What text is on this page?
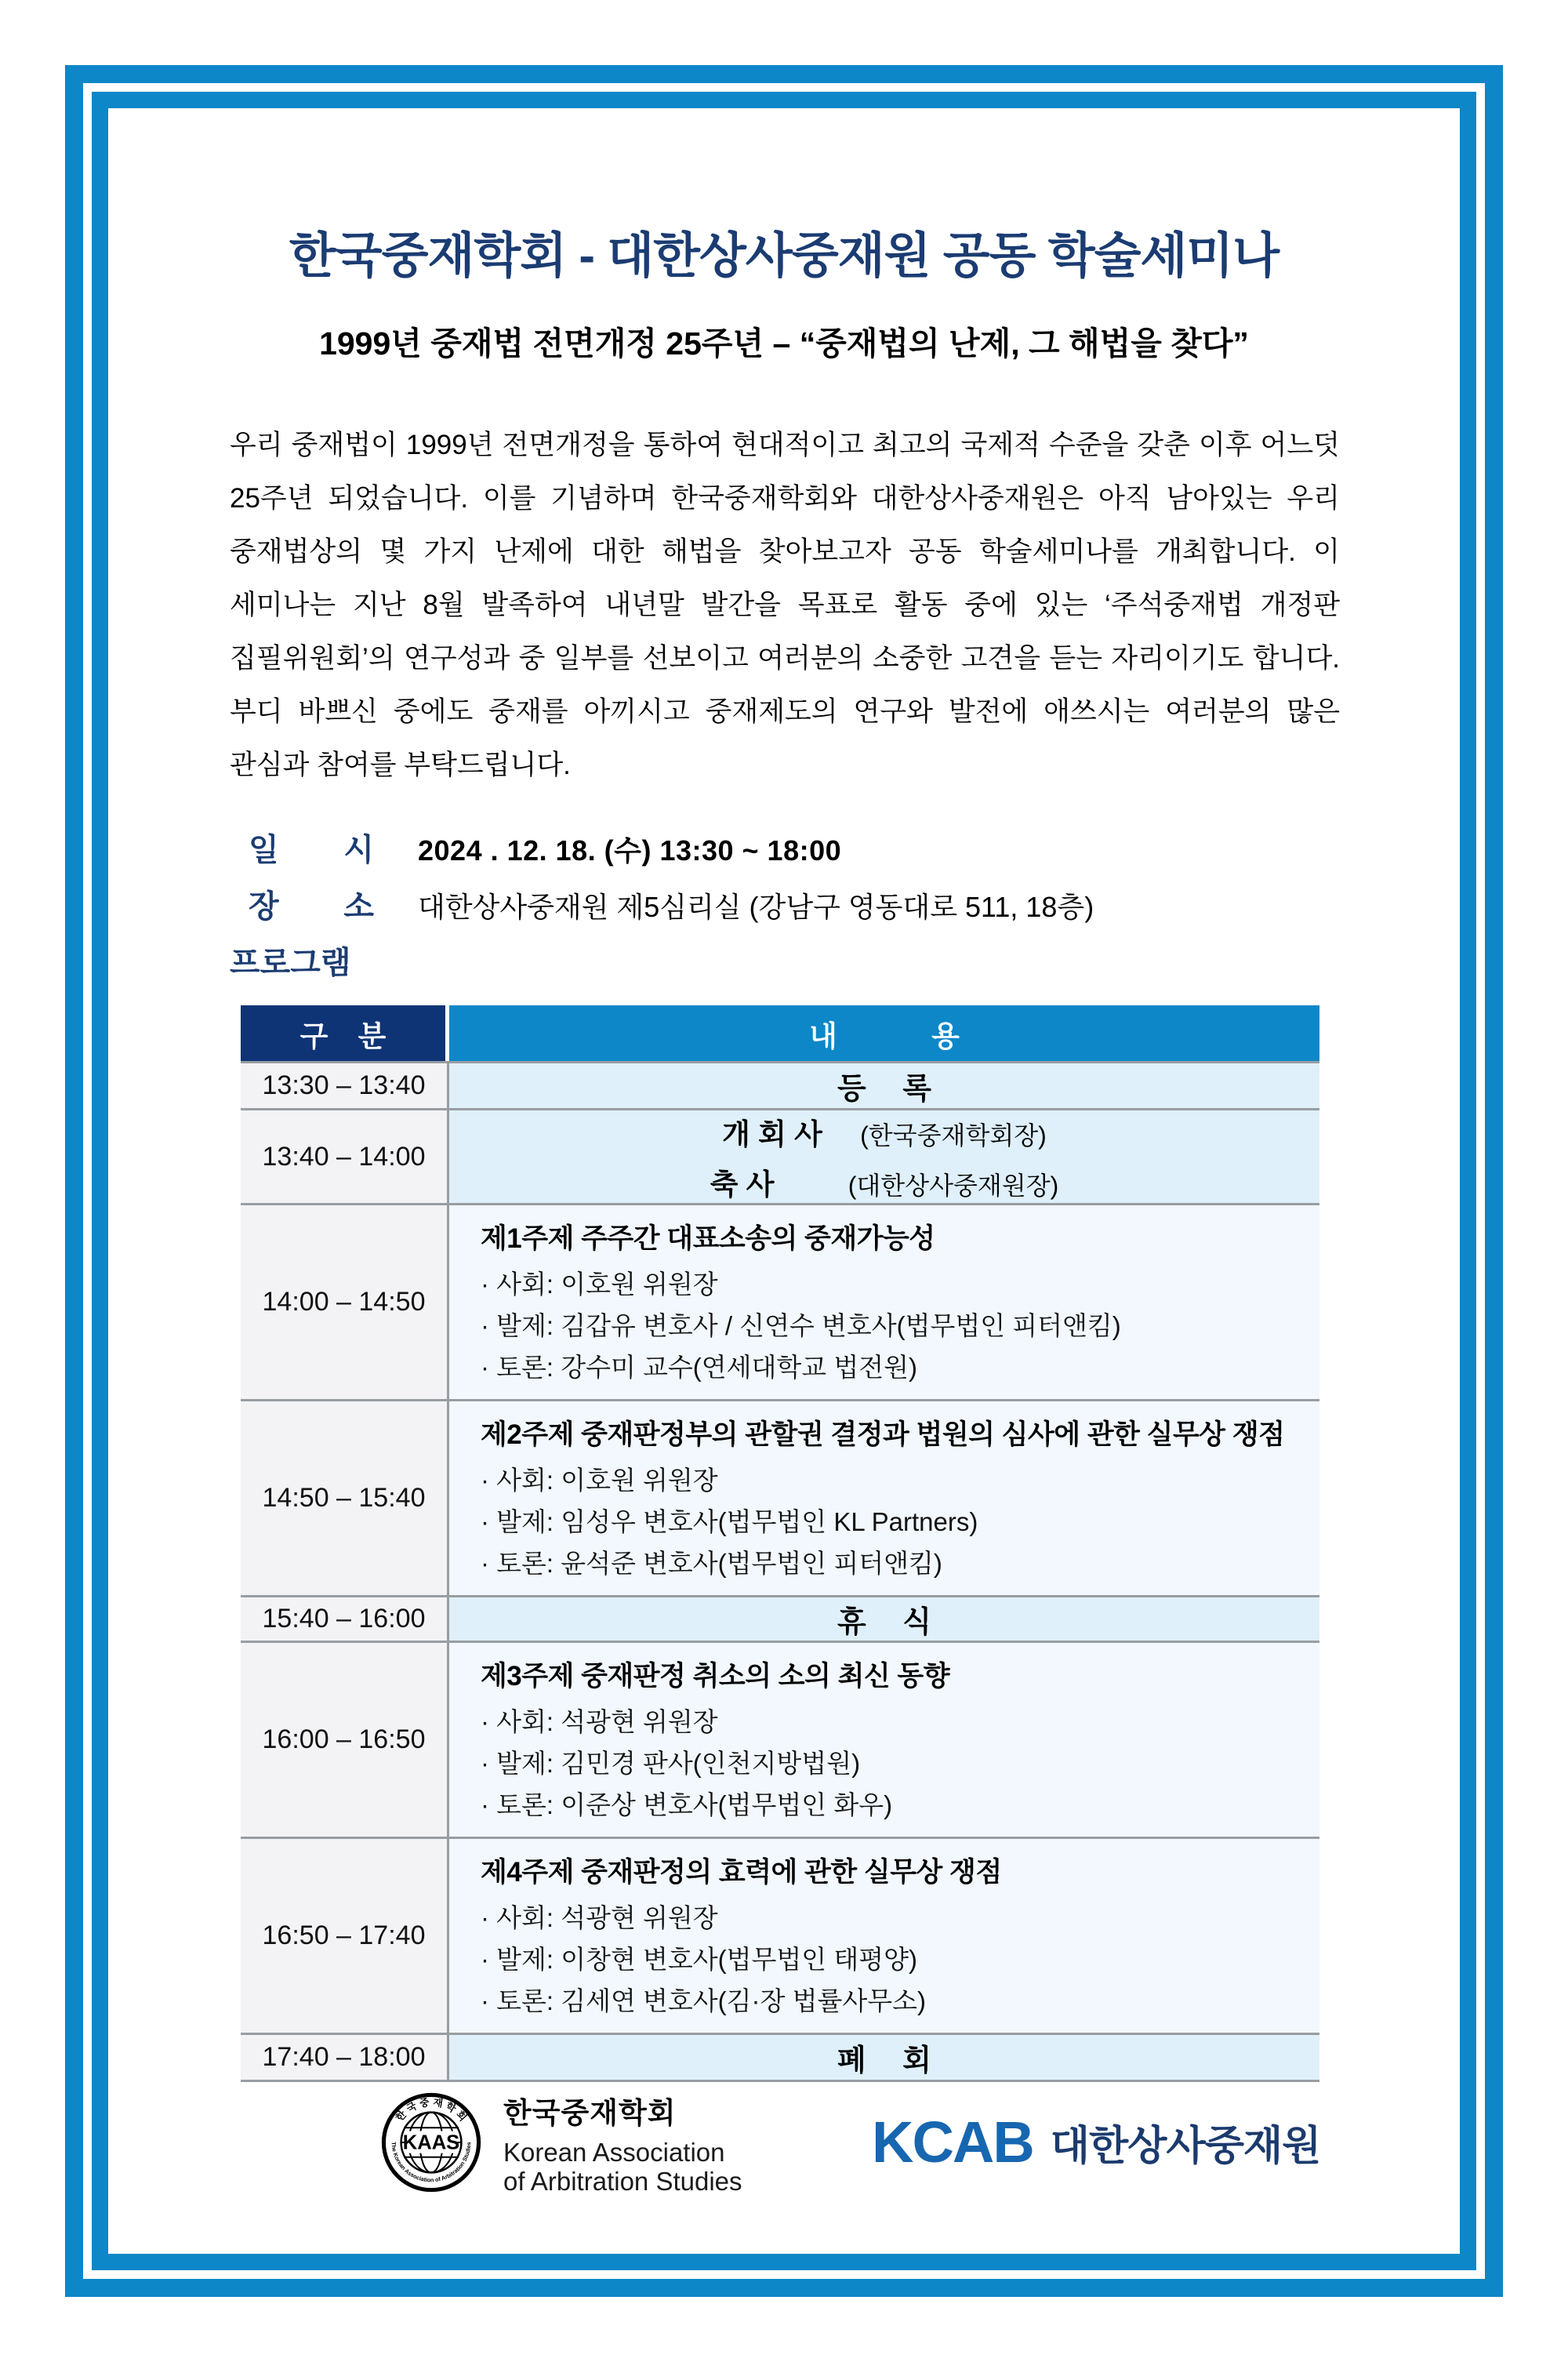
한국중재학회 - 대한상사중재원 공동 학술세미나
1999년 중재법 전면개정 25주년 – “중재법의 난제, 그 해법을 찾다”
우리 중재법이 1999년 전면개정을 통하여 현대적이고 최고의 국제적 수준을 갖춘 이후 어느덧 25주년 되었습니다. 이를 기념하며 한국중재학회와 대한상사중재원은 아직 남아있는 우리 중재법상의 몇 가지 난제에 대한 해법을 찾아보고자 공동 학술세미나를 개최합니다. 이 세미나는 지난 8월 발족하여 내년말 발간을 목표로 활동 중에 있는 ‘주석중재법 개정판 집필위원회’의 연구성과 중 일부를 선보이고 여러분의 소중한 고견을 듣는 자리이기도 합니다. 부디 바쁘신 중에도 중재를 아끼시고 중재제도의 연구와 발전에 애쓰시는 여러분의 많은 관심과 참여를 부탁드립니다.
일 시 2024 . 12. 18. (수) 13:30 ~ 18:00
장 소 대한상사중재원 제5심리실 (강남구 영동대로 511, 18층)
프로그램
구 분	내 용
13:30 – 13:40	등 록
13:40 – 14:00
개 회 사	(한국중재학회장)
축 사	(대한상사중재원장)
14:00 – 14:50
제1주제 주주간 대표소송의 중재가능성
· 사회: 이호원 위원장
· 발제: 김갑유 변호사 / 신연수 변호사(법무법인 피터앤킴)
· 토론: 강수미 교수(연세대학교 법전원)
14:50 – 15:40
제2주제 중재판정부의 관할권 결정과 법원의 심사에 관한 실무상 쟁점
· 사회: 이호원 위원장
· 발제: 임성우 변호사(법무법인 KL Partners)
· 토론: 윤석준 변호사(법무법인 피터앤킴)
15:40 – 16:00	휴 식
16:00 – 16:50
제3주제 중재판정 취소의 소의 최신 동향
· 사회: 석광현 위원장
· 발제: 김민경 판사(인천지방법원)
· 토론: 이준상 변호사(법무법인 화우)
16:50 – 17:40
제4주제 중재판정의 효력에 관한 실무상 쟁점
· 사회: 석광현 위원장
· 발제: 이창현 변호사(법무법인 태평양)
· 토론: 김세연 변호사(김·장 법률사무소)
17:40 – 18:00	폐 회
KAAS
한 국 중 재 학 회
The Korean Association of Arbitration Studies
한국중재학회
Korean Association
of Arbitration Studies
KCAB 대한상사중재원
